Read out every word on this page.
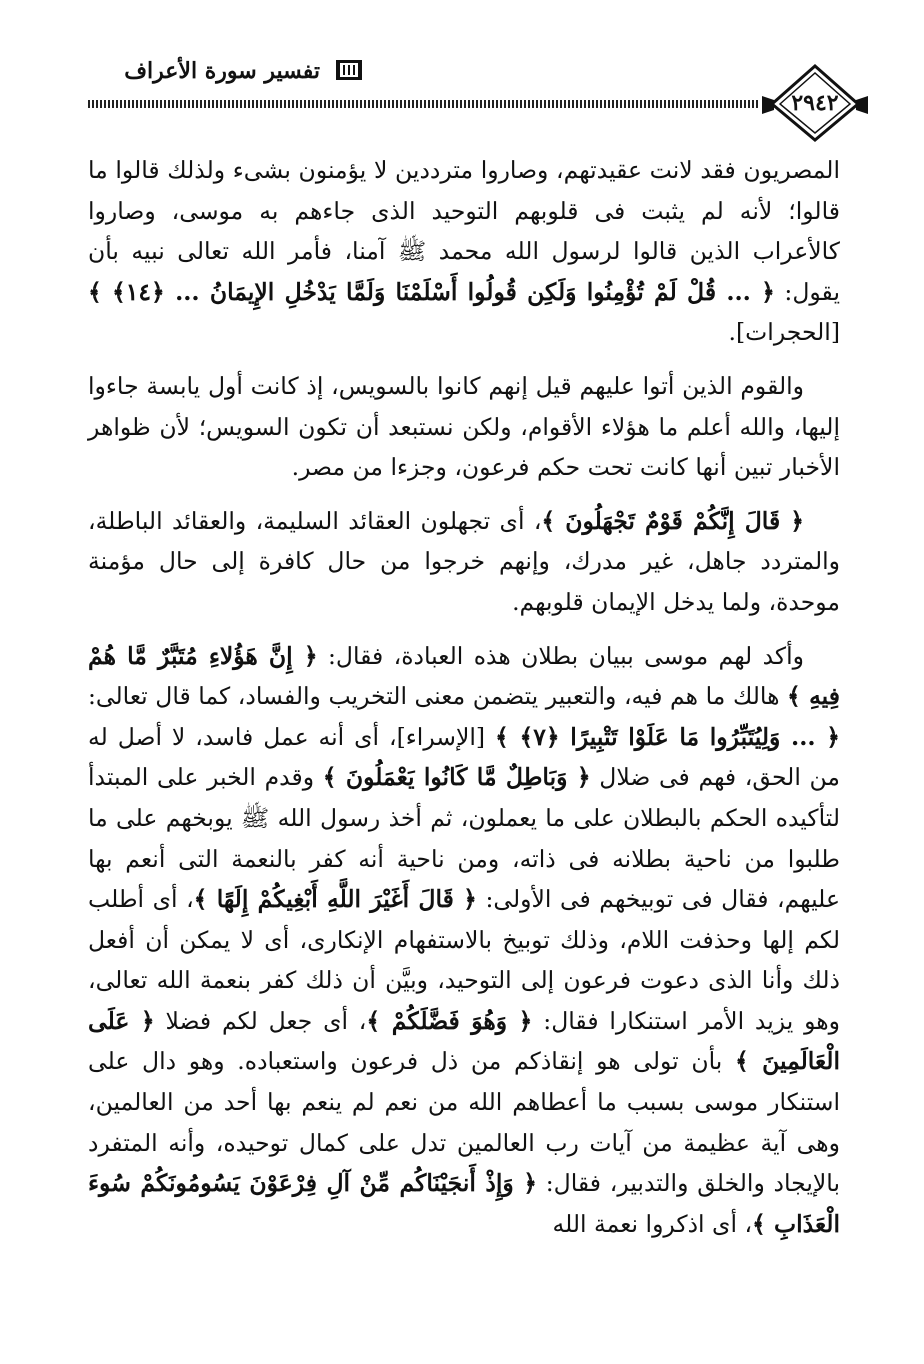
تفسير سورة الأعراف
٢٩٤٢

المصريون فقد لانت عقيدتهم، وصاروا مترددين لا يؤمنون بشىء ولذلك قالوا ما قالوا؛ لأنه لم يثبت فى قلوبهم التوحيد الذى جاءهم به موسى، وصاروا كالأعراب الذين قالوا لرسول الله محمد ﷺ آمنا، فأمر الله تعالى نبيه بأن يقول: ﴿ ... قُلْ لَمْ تُؤْمِنُوا وَلَكِن قُولُوا أَسْلَمْنَا وَلَمَّا يَدْخُلِ الإِيمَانُ ... ﴿١٤﴾ ﴾ [الحجرات].

والقوم الذين أتوا عليهم قيل إنهم كانوا بالسويس، إذ كانت أول يابسة جاءوا إليها، والله أعلم ما هؤلاء الأقوام، ولكن نستبعد أن تكون السويس؛ لأن ظواهر الأخبار تبين أنها كانت تحت حكم فرعون، وجزءا من مصر.

﴿ قَالَ إِنَّكُمْ قَوْمٌ تَجْهَلُونَ ﴾، أى تجهلون العقائد السليمة، والعقائد الباطلة، والمتردد جاهل، غير مدرك، وإنهم خرجوا من حال كافرة إلى حال مؤمنة موحدة، ولما يدخل الإيمان قلوبهم.

وأكد لهم موسى ببيان بطلان هذه العبادة، فقال: ﴿ إِنَّ هَؤُلاءِ مُتَبَّرٌ مَّا هُمْ فِيهِ ﴾ هالك ما هم فيه، والتعبير يتضمن معنى التخريب والفساد، كما قال تعالى: ﴿ ... وَلِيُتَبِّرُوا مَا عَلَوْا تَتْبِيرًا ﴿٧﴾ ﴾ [الإسراء]، أى أنه عمل فاسد، لا أصل له من الحق، فهم فى ضلال ﴿ وَبَاطِلٌ مَّا كَانُوا يَعْمَلُونَ ﴾ وقدم الخبر على المبتدأ لتأكيده الحكم بالبطلان على ما يعملون، ثم أخذ رسول الله ﷺ يوبخهم على ما طلبوا من ناحية بطلانه فى ذاته، ومن ناحية أنه كفر بالنعمة التى أنعم بها عليهم، فقال فى توبيخهم فى الأولى: ﴿ قَالَ أَغَيْرَ اللَّهِ أَبْغِيكُمْ إِلَهًا ﴾، أى أطلب لكم إلها وحذفت اللام، وذلك توبيخ بالاستفهام الإنكارى، أى لا يمكن أن أفعل ذلك وأنا الذى دعوت فرعون إلى التوحيد، وبيَّن أن ذلك كفر بنعمة الله تعالى، وهو يزيد الأمر استنكارا فقال: ﴿ وَهُوَ فَضَّلَكُمْ ﴾، أى جعل لكم فضلا ﴿ عَلَى الْعَالَمِينَ ﴾ بأن تولى هو إنقاذكم من ذل فرعون واستعباده. وهو دال على استنكار موسى بسبب ما أعطاهم الله من نعم لم ينعم بها أحد من العالمين، وهى آية عظيمة من آيات رب العالمين تدل على كمال توحيده، وأنه المتفرد بالإيجاد والخلق والتدبير، فقال: ﴿ وَإِذْ أَنجَيْنَاكُم مِّنْ آلِ فِرْعَوْنَ يَسُومُونَكُمْ سُوءَ الْعَذَابِ ﴾، أى اذكروا نعمة الله
